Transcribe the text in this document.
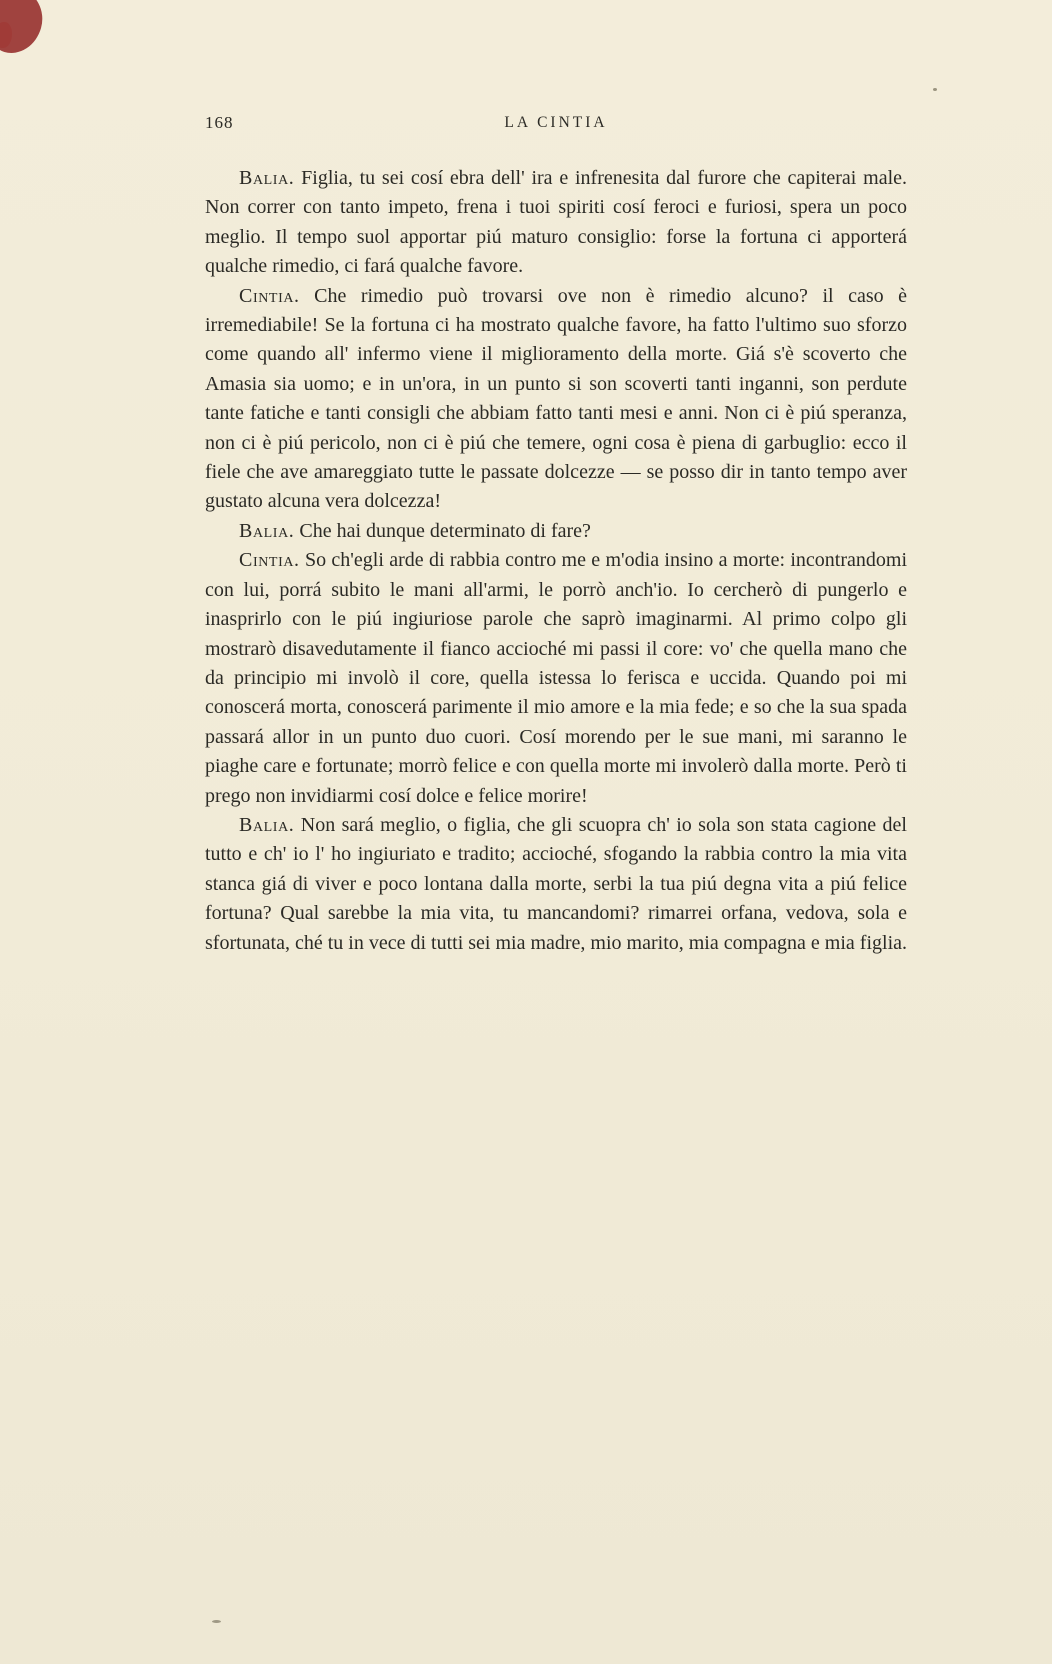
168	LA CINTIA

Balia. Figlia, tu sei cosí ebra dell' ira e infrenesita dal furore che capiterai male. Non correr con tanto impeto, frena i tuoi spiriti cosí feroci e furiosi, spera un poco meglio. Il tempo suol apportar piú maturo consiglio: forse la fortuna ci apporterá qualche rimedio, ci fará qualche favore.

Cintia. Che rimedio può trovarsi ove non è rimedio alcuno? il caso è irremediabile! Se la fortuna ci ha mostrato qualche favore, ha fatto l'ultimo suo sforzo come quando all' infermo viene il miglioramento della morte. Giá s'è scoverto che Amasia sia uomo; e in un'ora, in un punto si son scoverti tanti inganni, son perdute tante fatiche e tanti consigli che abbiam fatto tanti mesi e anni. Non ci è piú speranza, non ci è piú pericolo, non ci è piú che temere, ogni cosa è piena di garbuglio: ecco il fiele che ave amareggiato tutte le passate dolcezze — se posso dir in tanto tempo aver gustato alcuna vera dolcezza!

Balia. Che hai dunque determinato di fare?

Cintia. So ch'egli arde di rabbia contro me e m'odia insino a morte: incontrandomi con lui, porrá subito le mani all'armi, le porrò anch'io. Io cercherò di pungerlo e inasprirlo con le piú ingiuriose parole che saprò imaginarmi. Al primo colpo gli mostrarò disavedutamente il fianco accioché mi passi il core: vo' che quella mano che da principio mi involò il core, quella istessa lo ferisca e uccida. Quando poi mi conoscerá morta, conoscerá parimente il mio amore e la mia fede; e so che la sua spada passará allor in un punto duo cuori. Cosí morendo per le sue mani, mi saranno le piaghe care e fortunate; morrò felice e con quella morte mi involerò dalla morte. Però ti prego non invidiarmi cosí dolce e felice morire!

Balia. Non sará meglio, o figlia, che gli scuopra ch' io sola son stata cagione del tutto e ch' io l' ho ingiuriato e tradito; accioché, sfogando la rabbia contro la mia vita stanca giá di viver e poco lontana dalla morte, serbi la tua piú degna vita a piú felice fortuna? Qual sarebbe la mia vita, tu mancandomi? rimarrei orfana, vedova, sola e sfortunata, ché tu in vece di tutti sei mia madre, mio marito, mia compagna e mia figlia.
